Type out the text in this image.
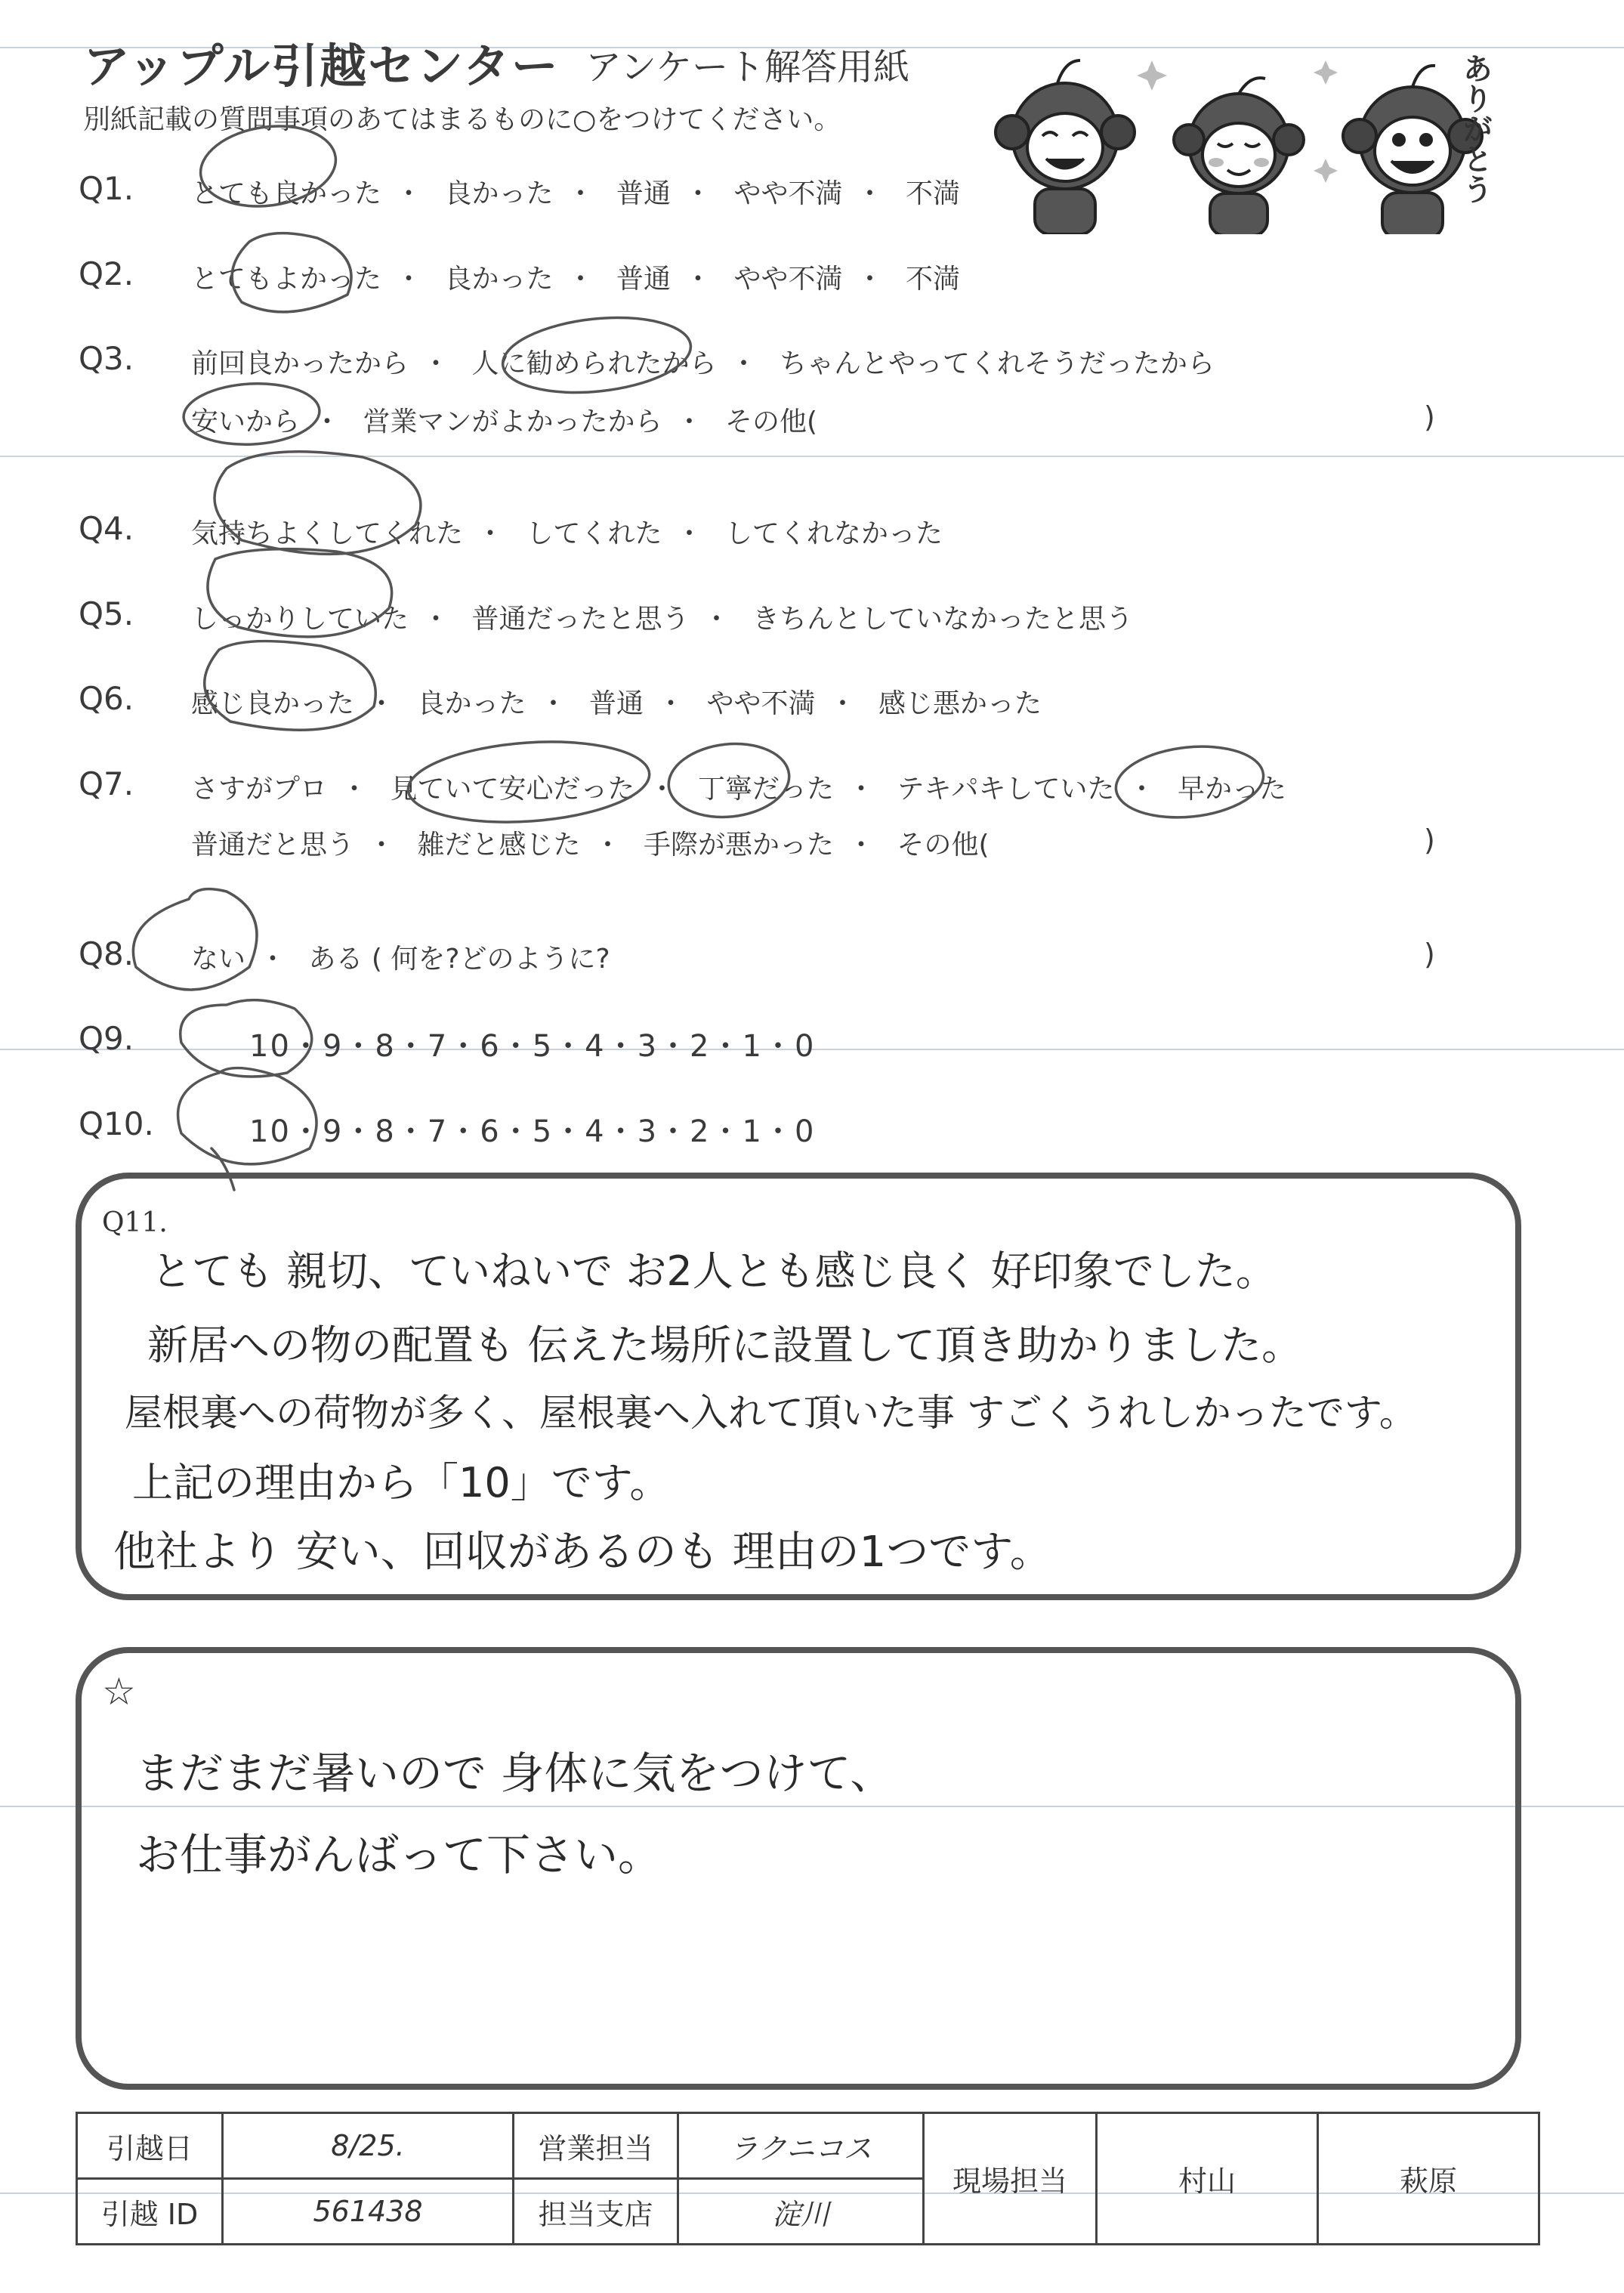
アップル引越センター アンケート解答用紙
別紙記載の質問事項のあてはまるものに○をつけてください。	ありがとう
Q1. とても良かった ・ 良かった ・ 普通 ・ やや不満 ・ 不満
Q2. とてもよかった ・ 良かった ・ 普通 ・ やや不満 ・ 不満
Q3. 前回良かったから ・ 人に勧められたから ・ ちゃんとやってくれそうだったから
安いから ・ 営業マンがよかったから ・ その他(	)
Q4. 気持ちよくしてくれた ・ してくれた ・ してくれなかった
Q5. しっかりしていた ・ 普通だったと思う ・ きちんとしていなかったと思う
Q6. 感じ良かった ・ 良かった ・ 普通 ・ やや不満 ・ 感じ悪かった
Q7. さすがプロ ・ 見ていて安心だった ・ 丁寧だった ・ テキパキしていた ・ 早かった
普通だと思う ・ 雑だと感じた ・ 手際が悪かった ・ その他(	)
Q8. ない ・ ある ( 何を?どのように?	)
Q9.	10・9・8・7・6・5・4・3・2・1・0
Q10.	10・9・8・7・6・5・4・3・2・1・0
Q11.
とても 親切、ていねいで お2人とも感じ良く 好印象でした。
新居への物の配置も 伝えた場所に設置して頂き助かりました。
屋根裏への荷物が多く、屋根裏へ入れて頂いた事 すごくうれしかったです。
上記の理由から「10」です。
他社より 安い、回収があるのも 理由の1つです。
☆
まだまだ暑いので 身体に気をつけて、
お仕事がんばって下さい。
引越日	8/25.	営業担当	ラクニコス	現場担当	村山	萩原
引越 ID	561438	担当支店	淀川			
